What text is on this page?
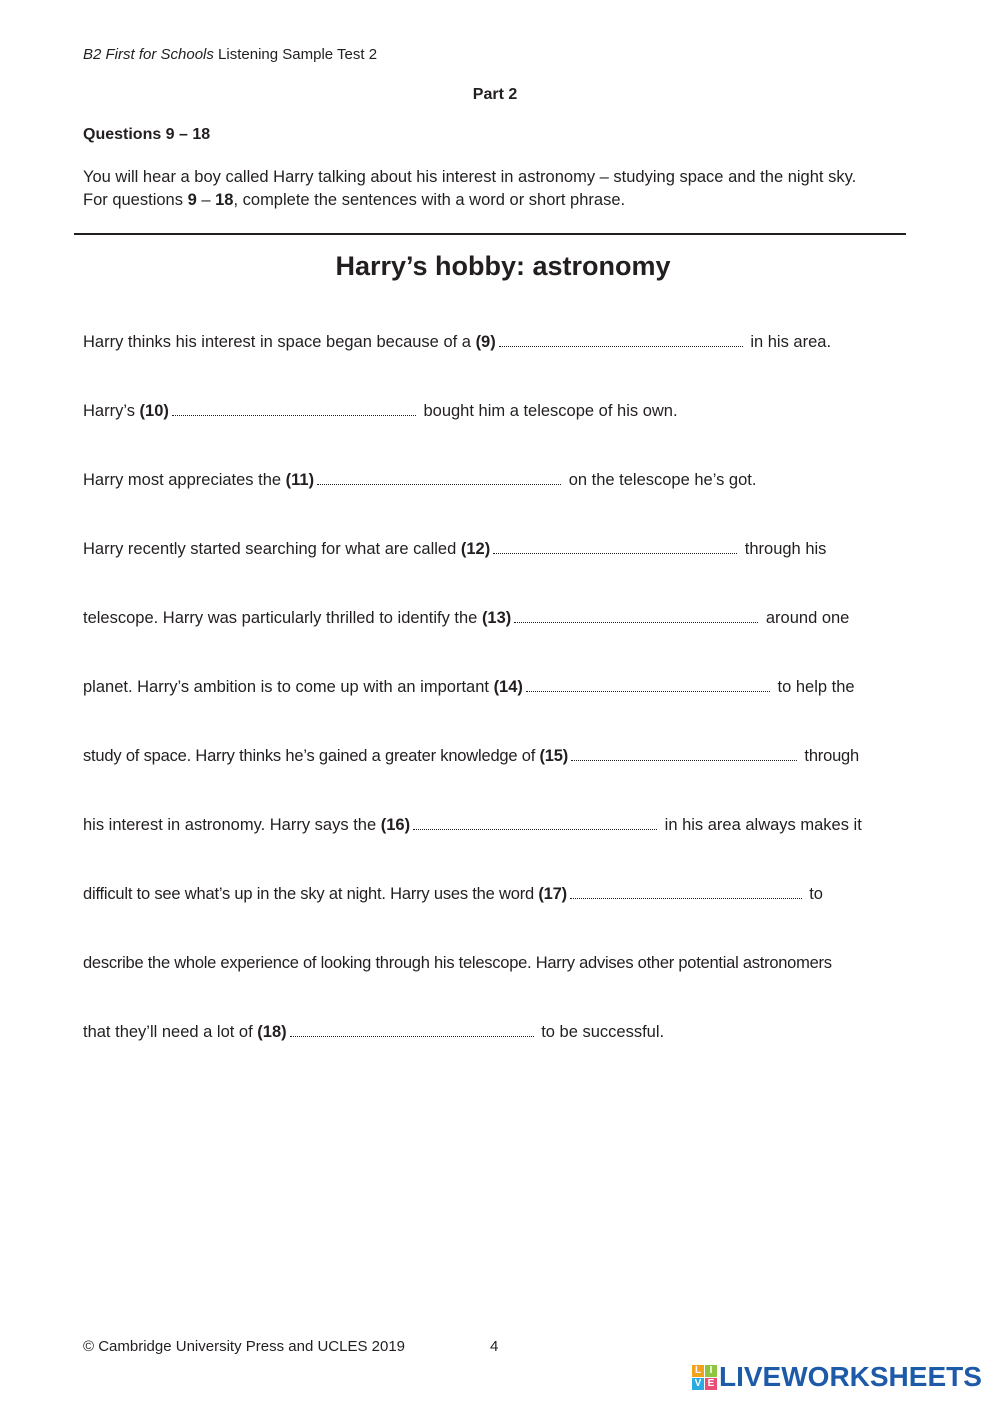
B2 First for Schools Listening Sample Test 2
Part 2
Questions 9 – 18
You will hear a boy called Harry talking about his interest in astronomy – studying space and the night sky.
For questions 9 – 18, complete the sentences with a word or short phrase.
Harry’s hobby: astronomy
Harry thinks his interest in space began because of a (9)	in his area.
Harry’s (10)	bought him a telescope of his own.
Harry most appreciates the (11)	on the telescope he’s got.
Harry recently started searching for what are called (12)	through his
telescope. Harry was particularly thrilled to identify the (13)	around one
planet. Harry’s ambition is to come up with an important (14)	to help the
study of space. Harry thinks he’s gained a greater knowledge of (15)	through
his interest in astronomy. Harry says the (16)	in his area always makes it
difficult to see what’s up in the sky at night. Harry uses the word (17)	to
describe the whole experience of looking through his telescope. Harry advises other potential astronomers
that they’ll need a lot of (18)	to be successful.
© Cambridge University Press and UCLES 2019	4
L I
V E LIVEWORKSHEETS
